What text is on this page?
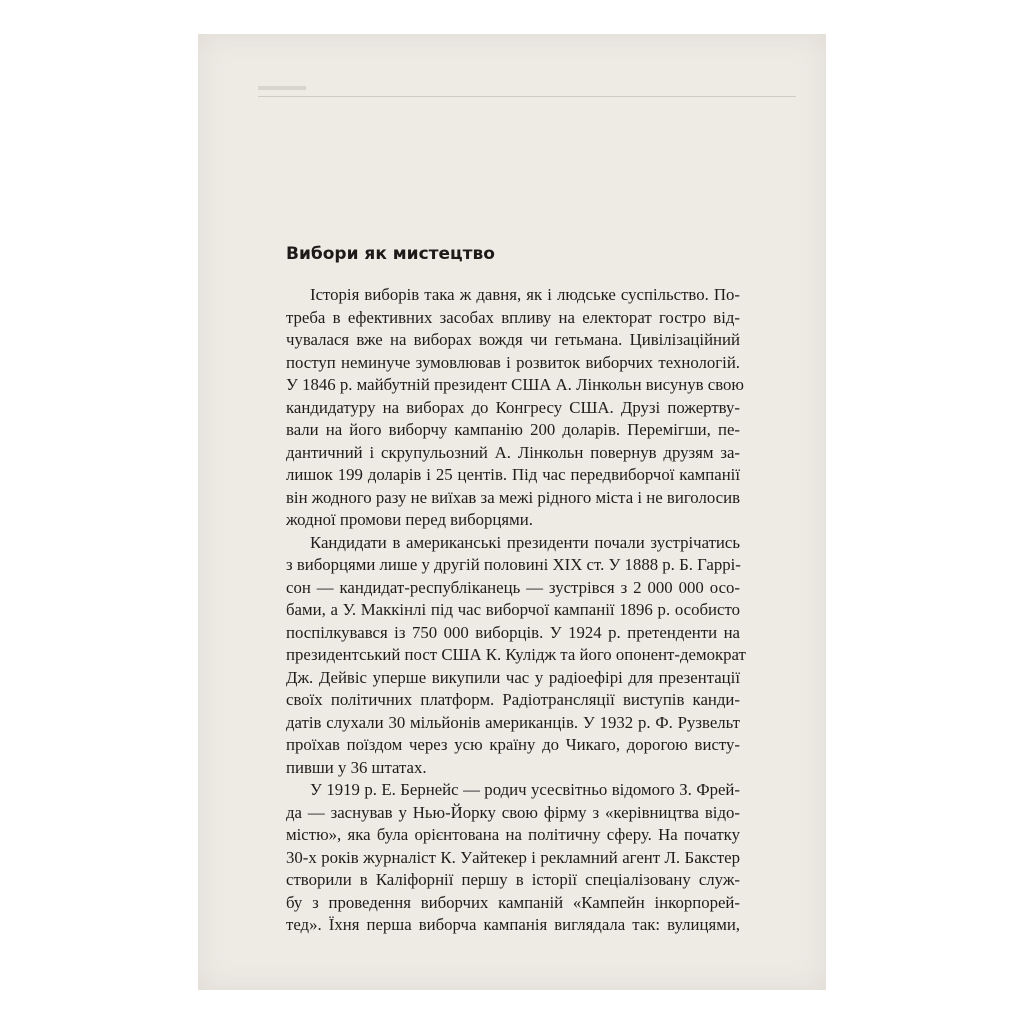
Вибори як мистецтво
Історія виборів така ж давня, як і людське суспільство. По-
треба в ефективних засобах впливу на електорат гостро від-
чувалася вже на виборах вождя чи гетьмана. Цивілізаційний
поступ неминуче зумовлював і розвиток виборчих технологій.
У 1846 р. майбутній президент США А. Лінкольн висунув свою
кандидатуру на виборах до Конгресу США. Друзі пожертву-
вали на його виборчу кампанію 200 доларів. Перемігши, пе-
дантичний і скрупульозний А. Лінкольн повернув друзям за-
лишок 199 доларів і 25 центів. Під час передвиборчої кампанії
він жодного разу не виїхав за межі рідного міста і не виголосив
жодної промови перед виборцями.
Кандидати в американські президенти почали зустрічатись
з виборцями лише у другій половині XIX ст. У 1888 р. Б. Гаррі-
сон — кандидат-республіканець — зустрівся з 2 000 000 осо-
бами, а У. Маккінлі під час виборчої кампанії 1896 р. особисто
поспілкувався із 750 000 виборців. У 1924 р. претенденти на
президентський пост США К. Кулідж та його опонент-демократ
Дж. Дейвіс уперше викупили час у радіоефірі для презентації
своїх політичних платформ. Радіотрансляції виступів канди-
датів слухали 30 мільйонів американців. У 1932 р. Ф. Рузвельт
проїхав поїздом через усю країну до Чикаго, дорогою висту-
пивши у 36 штатах.
У 1919 р. Е. Бернейс — родич усесвітньо відомого З. Фрей-
да — заснував у Нью-Йорку свою фірму з «керівництва відо-
містю», яка була орієнтована на політичну сферу. На початку
30-х років журналіст К. Уайтекер і рекламний агент Л. Бакстер
створили в Каліфорнії першу в історії спеціалізовану служ-
бу з проведення виборчих кампаній «Кампейн інкорпорей-
тед». Їхня перша виборча кампанія виглядала так: вулицями,
